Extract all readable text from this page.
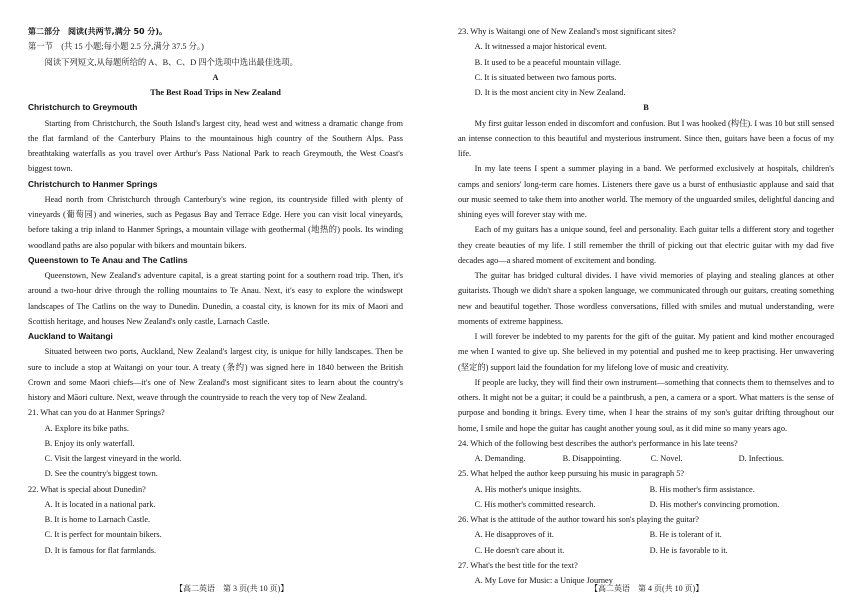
第二部分　阅读(共两节,满分 50 分)。

第一节　(共 15 小题;每小题 2.5 分,满分 37.5 分。)

阅读下列短文,从每题所给的 A、B、C、D 四个选项中选出最佳选项。

A

The Best Road Trips in New Zealand

Christchurch to Greymouth

Starting from Christchurch, the South Island's largest city, head west and witness a dramatic change from the flat farmland of the Canterbury Plains to the mountainous high country of the Southern Alps. Pass breathtaking waterfalls as you travel over Arthur's Pass National Park to reach Greymouth, the West Coast's biggest town.

Christchurch to Hanmer Springs

Head north from Christchurch through Canterbury's wine region, its countryside filled with plenty of vineyards (葡萄园) and wineries, such as Pegasus Bay and Terrace Edge. Here you can visit local vineyards, before taking a trip inland to Hanmer Springs, a mountain village with geothermal (地热的) pools. Its winding woodland paths are also popular with bikers and mountain bikers.

Queenstown to Te Anau and The Catlins

Queenstown, New Zealand's adventure capital, is a great starting point for a southern road trip. Then, it's around a two-hour drive through the rolling mountains to Te Anau. Next, it's easy to explore the windswept landscapes of The Catlins on the way to Dunedin. Dunedin, a coastal city, is known for its mix of Maori and Scottish heritage, and houses New Zealand's only castle, Larnach Castle.

Auckland to Waitangi

Situated between two ports, Auckland, New Zealand's largest city, is unique for hilly landscapes. Then be sure to include a stop at Waitangi on your tour. A treaty (条约) was signed here in 1840 between the British Crown and some Maori chiefs—it's one of New Zealand's most significant sites to learn about the country's history and Māori culture. Next, weave through the countryside to reach the very top of New Zealand.

21. What can you do at Hanmer Springs?

A. Explore its bike paths.

B. Enjoy its only waterfall.

C. Visit the largest vineyard in the world.

D. See the country's biggest town.

22. What is special about Dunedin?

A. It is located in a national park.

B. It is home to Larnach Castle.

C. It is perfect for mountain bikers.

D. It is famous for flat farmlands.

23. Why is Waitangi one of New Zealand's most significant sites?

A. It witnessed a major historical event.

B. It used to be a peaceful mountain village.

C. It is situated between two famous ports.

D. It is the most ancient city in New Zealand.

B

My first guitar lesson ended in discomfort and confusion. But I was hooked (构住). I was 10 but still sensed an intense connection to this beautiful and mysterious instrument. Since then, guitars have been a focus of my life.

In my late teens I spent a summer playing in a band. We performed exclusively at hospitals, children's camps and seniors' long-term care homes. Listeners there gave us a burst of enthusiastic applause and said that our music seemed to take them into another world. The memory of the unguarded smiles, delightful dancing and shining eyes will forever stay with me.

Each of my guitars has a unique sound, feel and personality. Each guitar tells a different story and together they create beauties of my life. I still remember the thrill of picking out that electric guitar with my dad five decades ago—a shared moment of excitement and bonding.

The guitar has bridged cultural divides. I have vivid memories of playing and stealing glances at other guitarists. Though we didn't share a spoken language, we communicated through our guitars, creating something new and beautiful together. Those wordless conversations, filled with smiles and mutual understanding, were moments of extreme happiness.

I will forever be indebted to my parents for the gift of the guitar. My patient and kind mother encouraged me when I wanted to give up. She believed in my potential and pushed me to keep practising. Her unwavering (坚定的) support laid the foundation for my lifelong love of music and creativity.

If people are lucky, they will find their own instrument—something that connects them to themselves and to others. It might not be a guitar; it could be a paintbrush, a pen, a camera or a sport. What matters is the sense of purpose and bonding it brings. Every time, when I hear the strains of my son's guitar drifting throughout our home, I smile and hope the guitar has caught another young soul, as it did mine so many years ago.

24. Which of the following best describes the author's performance in his late teens?

A. Demanding.	B. Disappointing.	C. Novel.	D. Infectious.

25. What helped the author keep pursuing his music in paragraph 5?

A. His mother's unique insights.	B. His mother's firm assistance.
C. His mother's committed research.	D. His mother's convincing promotion.

26. What is the attitude of the author toward his son's playing the guitar?

A. He disapproves of it.	B. He is tolerant of it.
C. He doesn't care about it.	D. He is favorable to it.

27. What's the best title for the text?

A. My Love for Music: a Unique Journey

【高二英语　第 3 页(共 10 页)】	【高二英语　第 4 页(共 10 页)】
